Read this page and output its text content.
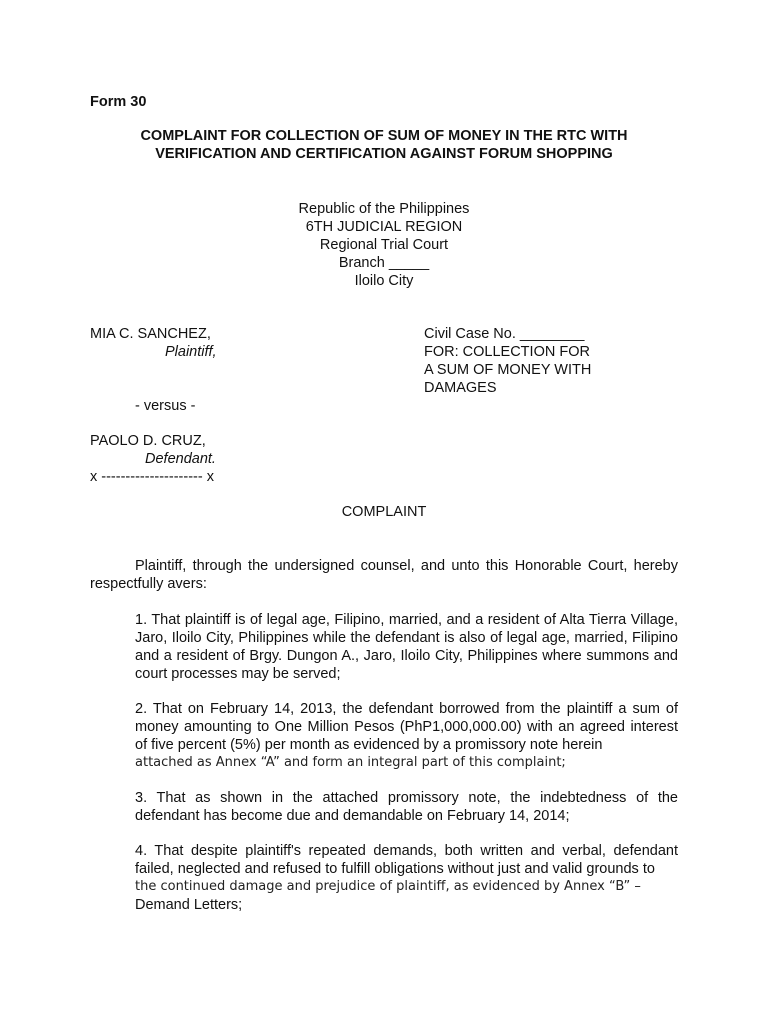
Form 30
COMPLAINT FOR COLLECTION OF SUM OF MONEY IN THE RTC WITH
VERIFICATION AND CERTIFICATION AGAINST FORUM SHOPPING
Republic of the Philippines
6TH JUDICIAL REGION
Regional Trial Court
Branch _____
Iloilo City
MIA C. SANCHEZ,
Plaintiff,
- versus -
PAOLO D. CRUZ,
Defendant.
x --------------------- x
Civil Case No. ________
FOR: COLLECTION FOR
A SUM OF MONEY WITH
DAMAGES
COMPLAINT
Plaintiff, through the undersigned counsel, and unto this Honorable Court, hereby respectfully avers:
1. That plaintiff is of legal age, Filipino, married, and a resident of Alta Tierra Village, Jaro, Iloilo City, Philippines while the defendant is also of legal age, married, Filipino and a resident of Brgy. Dungon A., Jaro, Iloilo City, Philippines where summons and court processes may be served;
2. That on February 14, 2013, the defendant borrowed from the plaintiff a sum of money amounting to One Million Pesos (PhP1,000,000.00) with an agreed interest of five percent (5%) per month as evidenced by a promissory note herein
attached as Annex “A” and form an integral part of this complaint;
3. That as shown in the attached promissory note, the indebtedness of the defendant has become due and demandable on February 14, 2014;
4. That despite plaintiff's repeated demands, both written and verbal, defendant failed, neglected and refused to fulfill obligations without just and valid grounds to
the continued damage and prejudice of plaintiff, as evidenced by Annex “B” –
Demand Letters;
